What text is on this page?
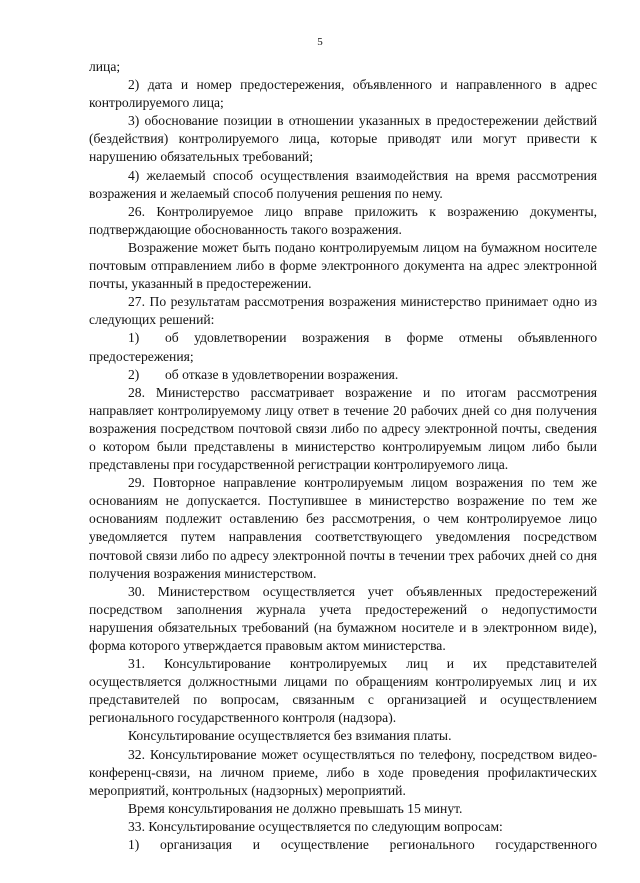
5

лица;

2) дата и номер предостережения, объявленного и направленного в адрес контролируемого лица;

3) обоснование позиции в отношении указанных в предостережении действий (бездействия) контролируемого лица, которые приводят или могут привести к нарушению обязательных требований;

4) желаемый способ осуществления взаимодействия на время рассмотрения возражения и желаемый способ получения решения по нему.

26. Контролируемое лицо вправе приложить к возражению документы, подтверждающие обоснованность такого возражения.

Возражение может быть подано контролируемым лицом на бумажном носителе почтовым отправлением либо в форме электронного документа на адрес электронной почты, указанный в предостережении.

27. По результатам рассмотрения возражения министерство принимает одно из следующих решений:

1) об удовлетворении возражения в форме отмены объявленного предостережения;

2) об отказе в удовлетворении возражения.

28. Министерство рассматривает возражение и по итогам рассмотрения направляет контролируемому лицу ответ в течение 20 рабочих дней со дня получения возражения посредством почтовой связи либо по адресу электронной почты, сведения о котором были представлены в министерство контролируемым лицом либо были представлены при государственной регистрации контролируемого лица.

29. Повторное направление контролируемым лицом возражения по тем же основаниям не допускается. Поступившее в министерство возражение по тем же основаниям подлежит оставлению без рассмотрения, о чем контролируемое лицо уведомляется путем направления соответствующего уведомления посредством почтовой связи либо по адресу электронной почты в течении трех рабочих дней со дня получения возражения министерством.

30. Министерством осуществляется учет объявленных предостережений посредством заполнения журнала учета предостережений о недопустимости нарушения обязательных требований (на бумажном носителе и в электронном виде), форма которого утверждается правовым актом министерства.

31. Консультирование контролируемых лиц и их представителей осуществляется должностными лицами по обращениям контролируемых лиц и их представителей по вопросам, связанным с организацией и осуществлением регионального государственного контроля (надзора).

Консультирование осуществляется без взимания платы.

32. Консультирование может осуществляться по телефону, посредством видео-конференц-связи, на личном приеме, либо в ходе проведения профилактических мероприятий, контрольных (надзорных) мероприятий.

Время консультирования не должно превышать 15 минут.

33. Консультирование осуществляется по следующим вопросам:

1) организация и осуществление регионального государственного
